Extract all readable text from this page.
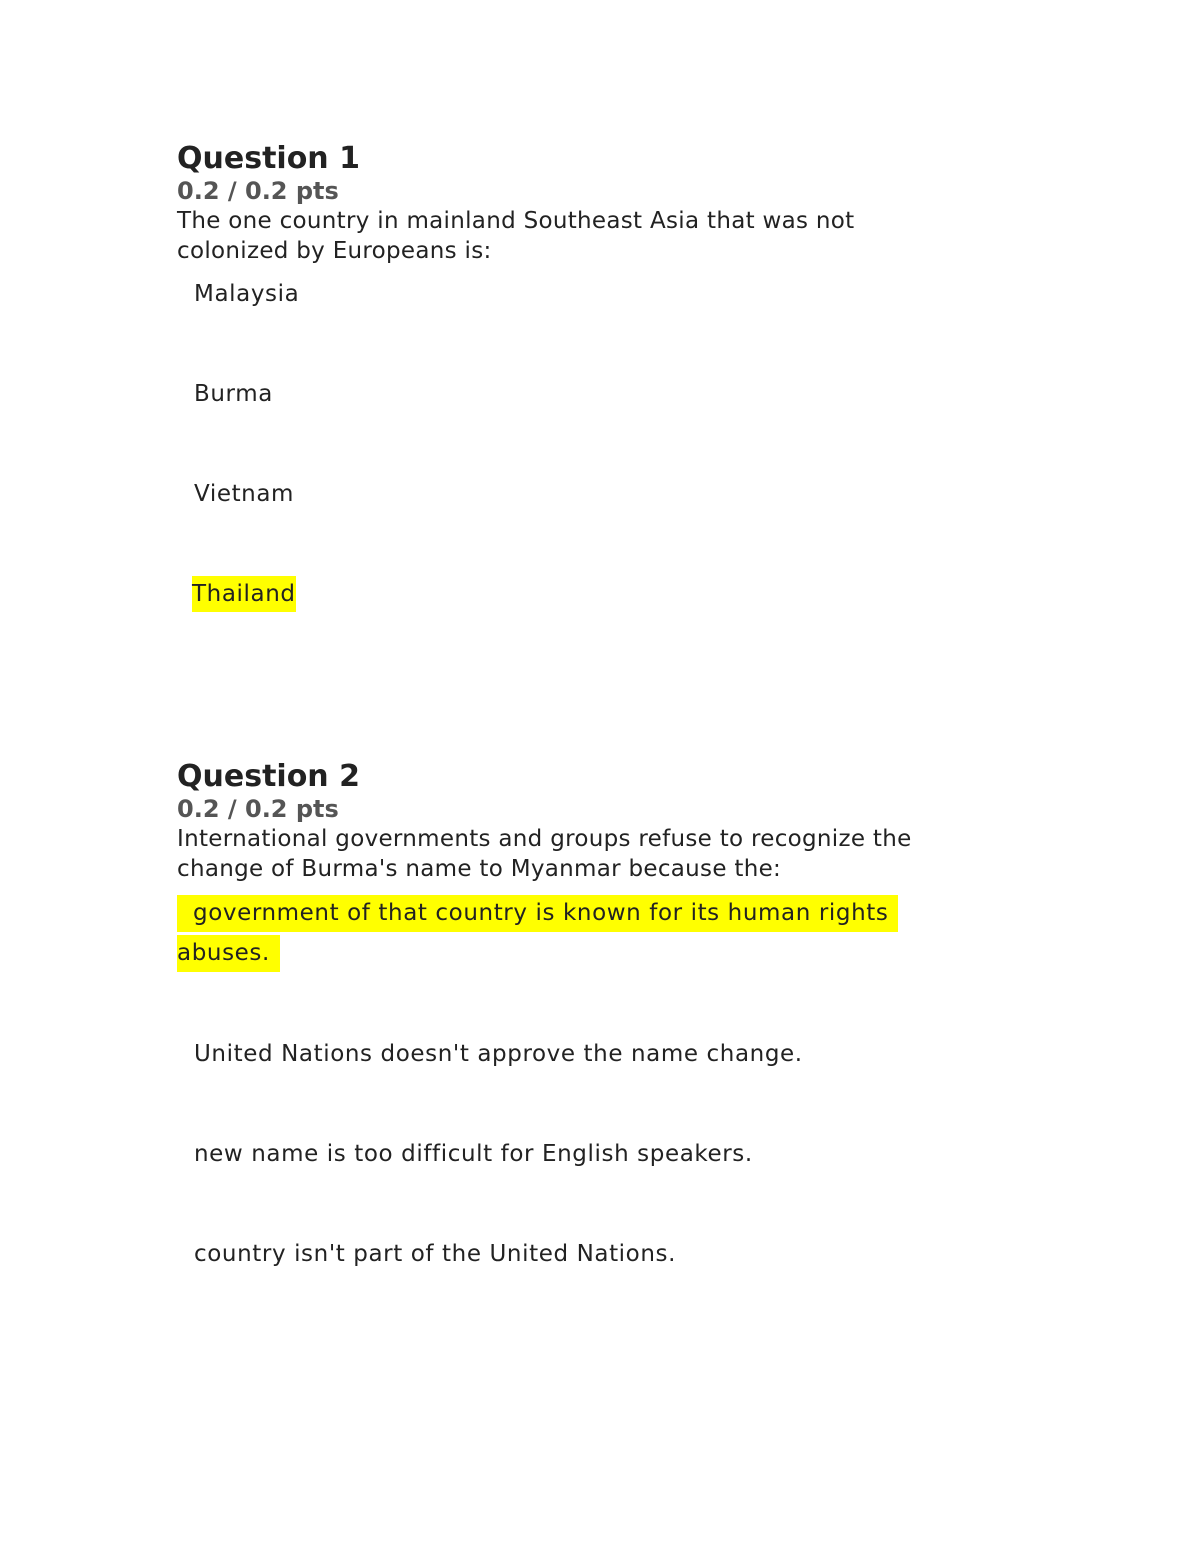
Question 1
0.2 / 0.2 pts
The one country in mainland Southeast Asia that was not
colonized by Europeans is:
Malaysia
Burma
Vietnam
Thailand
Question 2
0.2 / 0.2 pts
International governments and groups refuse to recognize the
change of Burma's name to Myanmar because the:
government of that country is known for its human rights abuses.
United Nations doesn't approve the name change.
new name is too difficult for English speakers.
country isn't part of the United Nations.
